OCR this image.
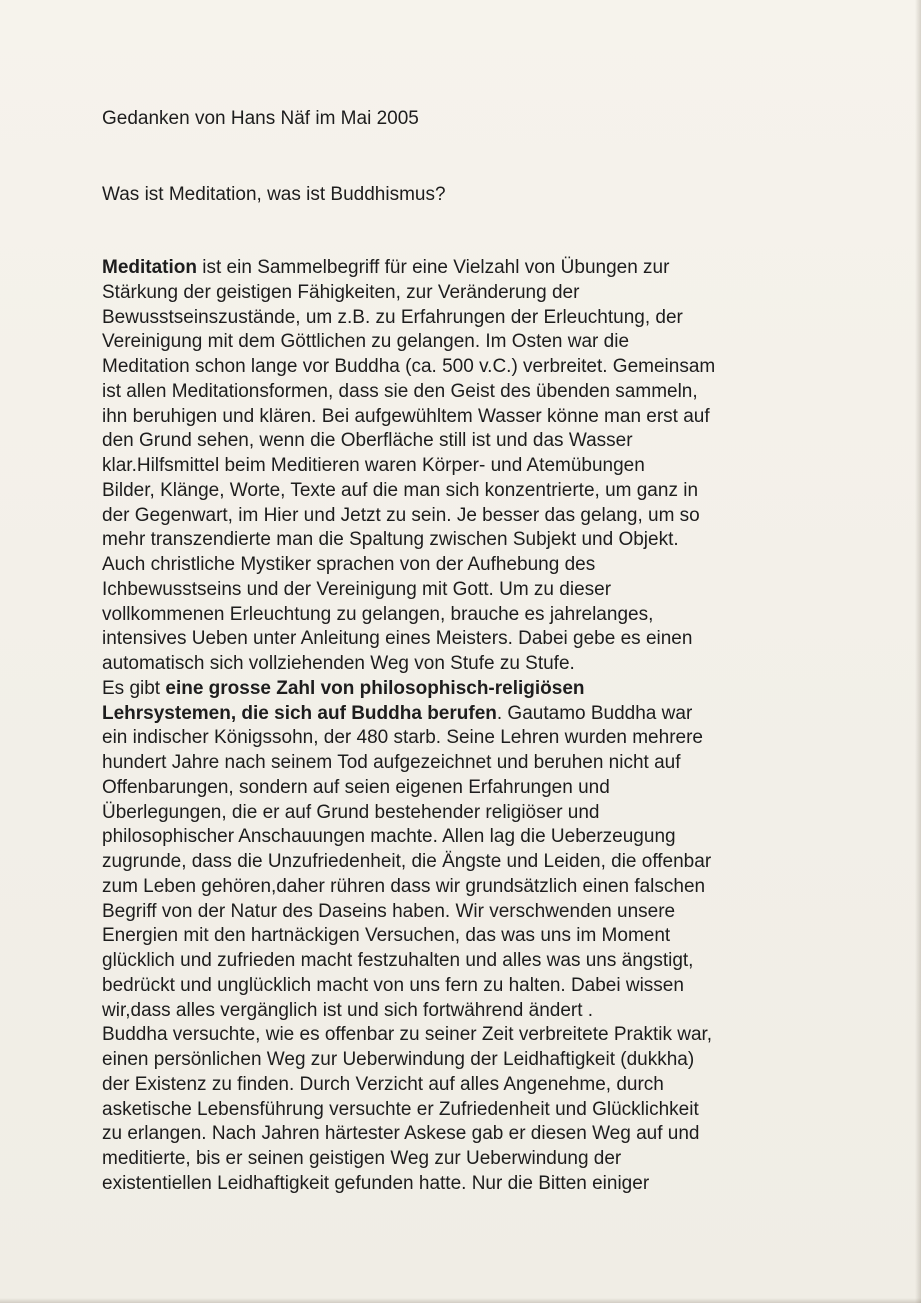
Gedanken von Hans Näf im Mai 2005
Was ist Meditation, was ist Buddhismus?
Meditation ist ein Sammelbegriff für eine Vielzahl von Übungen zur
Stärkung der geistigen Fähigkeiten, zur Veränderung der
Bewusstseinszustände, um z.B. zu Erfahrungen der Erleuchtung, der
Vereinigung mit dem Göttlichen zu gelangen. Im Osten war die
Meditation schon lange vor Buddha (ca. 500 v.C.) verbreitet. Gemeinsam
ist allen Meditationsformen, dass sie den Geist des übenden sammeln,
ihn beruhigen und klären. Bei aufgewühltem Wasser könne man erst auf
den Grund sehen, wenn die Oberfläche still ist und das Wasser
klar.Hilfsmittel beim Meditieren waren Körper- und Atemübungen
Bilder, Klänge, Worte, Texte auf die man sich konzentrierte, um ganz in
der Gegenwart, im Hier und Jetzt zu sein. Je besser das gelang, um so
mehr transzendierte man die Spaltung zwischen Subjekt und Objekt.
Auch christliche Mystiker sprachen von der Aufhebung des
Ichbewusstseins und der Vereinigung mit Gott. Um zu dieser
vollkommenen Erleuchtung zu gelangen, brauche es jahrelanges,
intensives Ueben unter Anleitung eines Meisters. Dabei gebe es einen
automatisch sich vollziehenden Weg von Stufe zu Stufe.
Es gibt eine grosse Zahl von philosophisch-religiösen
Lehrsystemen, die sich auf Buddha berufen. Gautamo Buddha war
ein indischer Königssohn, der 480 starb. Seine Lehren wurden mehrere
hundert Jahre nach seinem Tod aufgezeichnet und beruhen nicht auf
Offenbarungen, sondern auf seien eigenen Erfahrungen und
Überlegungen, die er auf Grund bestehender religiöser und
philosophischer Anschauungen machte. Allen lag die Ueberzeugung
zugrunde, dass die Unzufriedenheit, die Ängste und Leiden, die offenbar
zum Leben gehören,daher rühren dass wir grundsätzlich einen falschen
Begriff von der Natur des Daseins haben. Wir verschwenden unsere
Energien mit den hartnäckigen Versuchen, das was uns im Moment
glücklich und zufrieden macht festzuhalten und alles was uns ängstigt,
bedrückt und unglücklich macht von uns fern zu halten. Dabei wissen
wir,dass alles vergänglich ist und sich fortwährend ändert .
Buddha versuchte, wie es offenbar zu seiner Zeit verbreitete Praktik war,
einen persönlichen Weg zur Ueberwindung der Leidhaftigkeit (dukkha)
der Existenz zu finden. Durch Verzicht auf alles Angenehme, durch
asketische Lebensführung versuchte er Zufriedenheit und Glücklichkeit
zu erlangen. Nach Jahren härtester Askese gab er diesen Weg auf und
meditierte, bis er seinen geistigen Weg zur Ueberwindung der
existentiellen Leidhaftigkeit gefunden hatte. Nur die Bitten einiger
